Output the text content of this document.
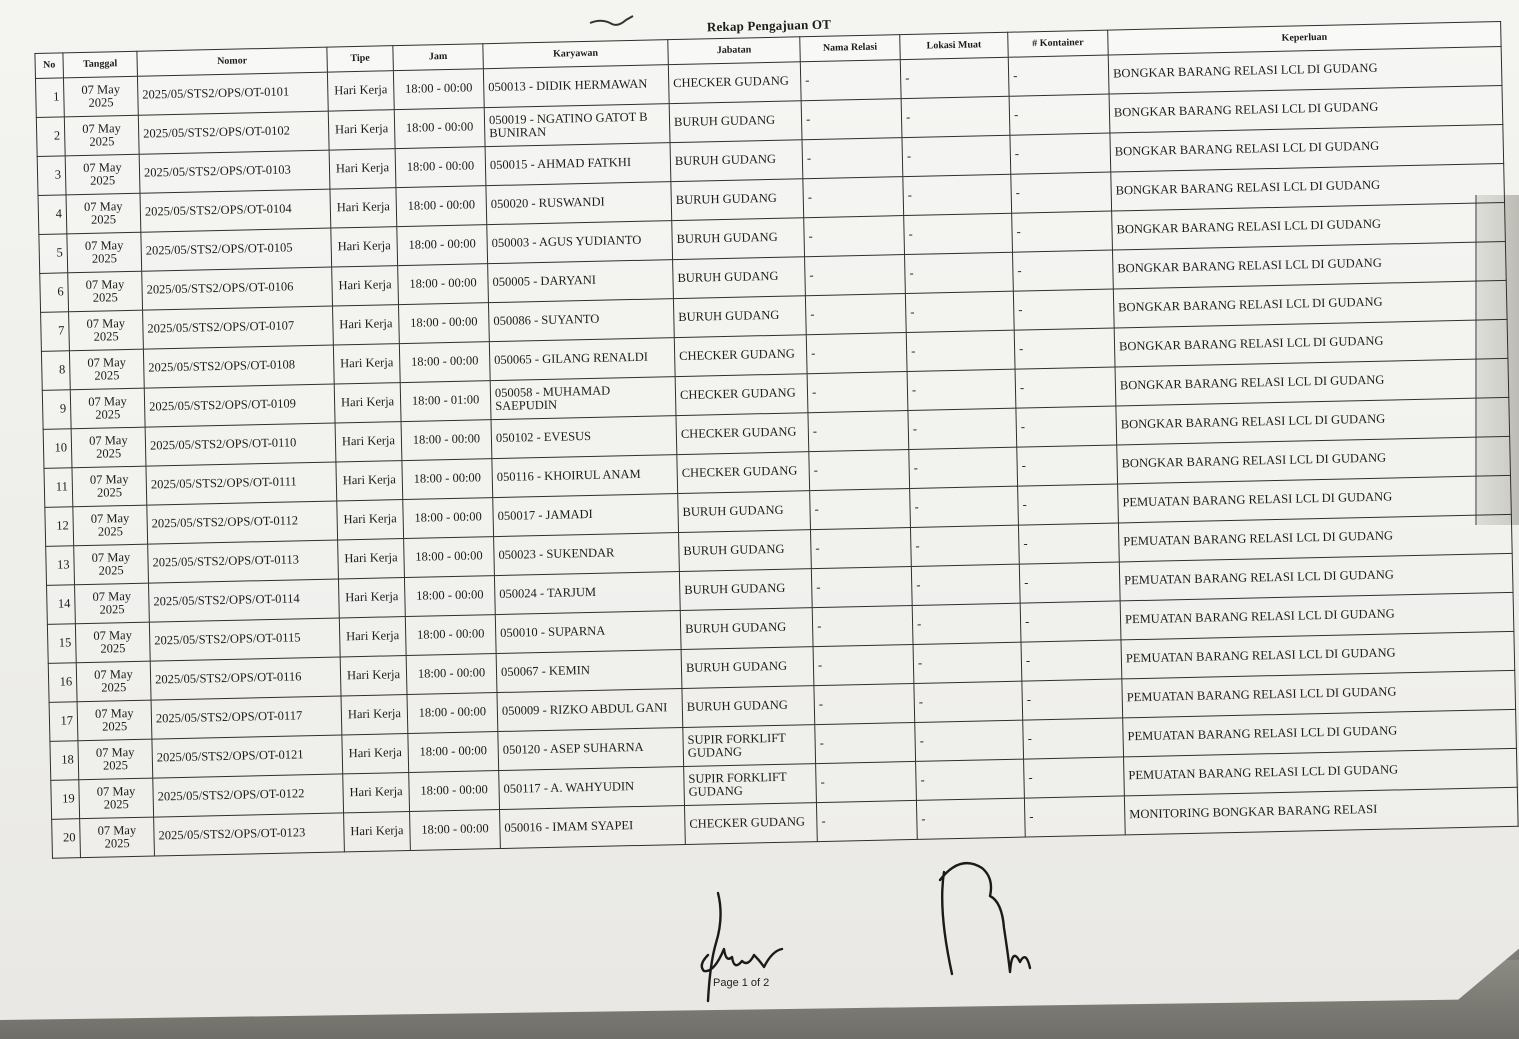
Rekap Pengajuan OT
No	Tanggal	Nomor	Tipe	Jam	Karyawan	Jabatan	Nama Relasi	Lokasi Muat	# Kontainer	Keperluan
1	07 May 2025	2025/05/STS2/OPS/OT-0101	Hari Kerja	18:00 - 00:00	050013 - DIDIK HERMAWAN	CHECKER GUDANG	-	-	-	BONGKAR BARANG RELASI LCL DI GUDANG
2	07 May 2025	2025/05/STS2/OPS/OT-0102	Hari Kerja	18:00 - 00:00	050019 - NGATINO GATOT B BUNIRAN	BURUH GUDANG	-	-	-	BONGKAR BARANG RELASI LCL DI GUDANG
3	07 May 2025	2025/05/STS2/OPS/OT-0103	Hari Kerja	18:00 - 00:00	050015 - AHMAD FATKHI	BURUH GUDANG	-	-	-	BONGKAR BARANG RELASI LCL DI GUDANG
4	07 May 2025	2025/05/STS2/OPS/OT-0104	Hari Kerja	18:00 - 00:00	050020 - RUSWANDI	BURUH GUDANG	-	-	-	BONGKAR BARANG RELASI LCL DI GUDANG
5	07 May 2025	2025/05/STS2/OPS/OT-0105	Hari Kerja	18:00 - 00:00	050003 - AGUS YUDIANTO	BURUH GUDANG	-	-	-	BONGKAR BARANG RELASI LCL DI GUDANG
6	07 May 2025	2025/05/STS2/OPS/OT-0106	Hari Kerja	18:00 - 00:00	050005 - DARYANI	BURUH GUDANG	-	-	-	BONGKAR BARANG RELASI LCL DI GUDANG
7	07 May 2025	2025/05/STS2/OPS/OT-0107	Hari Kerja	18:00 - 00:00	050086 - SUYANTO	BURUH GUDANG	-	-	-	BONGKAR BARANG RELASI LCL DI GUDANG
8	07 May 2025	2025/05/STS2/OPS/OT-0108	Hari Kerja	18:00 - 00:00	050065 - GILANG RENALDI	CHECKER GUDANG	-	-	-	BONGKAR BARANG RELASI LCL DI GUDANG
9	07 May 2025	2025/05/STS2/OPS/OT-0109	Hari Kerja	18:00 - 01:00	050058 - MUHAMAD SAEPUDIN	CHECKER GUDANG	-	-	-	BONGKAR BARANG RELASI LCL DI GUDANG
10	07 May 2025	2025/05/STS2/OPS/OT-0110	Hari Kerja	18:00 - 00:00	050102 - EVESUS	CHECKER GUDANG	-	-	-	BONGKAR BARANG RELASI LCL DI GUDANG
11	07 May 2025	2025/05/STS2/OPS/OT-0111	Hari Kerja	18:00 - 00:00	050116 - KHOIRUL ANAM	CHECKER GUDANG	-	-	-	BONGKAR BARANG RELASI LCL DI GUDANG
12	07 May 2025	2025/05/STS2/OPS/OT-0112	Hari Kerja	18:00 - 00:00	050017 - JAMADI	BURUH GUDANG	-	-	-	PEMUATAN BARANG RELASI LCL DI GUDANG
13	07 May 2025	2025/05/STS2/OPS/OT-0113	Hari Kerja	18:00 - 00:00	050023 - SUKENDAR	BURUH GUDANG	-	-	-	PEMUATAN BARANG RELASI LCL DI GUDANG
14	07 May 2025	2025/05/STS2/OPS/OT-0114	Hari Kerja	18:00 - 00:00	050024 - TARJUM	BURUH GUDANG	-	-	-	PEMUATAN BARANG RELASI LCL DI GUDANG
15	07 May 2025	2025/05/STS2/OPS/OT-0115	Hari Kerja	18:00 - 00:00	050010 - SUPARNA	BURUH GUDANG	-	-	-	PEMUATAN BARANG RELASI LCL DI GUDANG
16	07 May 2025	2025/05/STS2/OPS/OT-0116	Hari Kerja	18:00 - 00:00	050067 - KEMIN	BURUH GUDANG	-	-	-	PEMUATAN BARANG RELASI LCL DI GUDANG
17	07 May 2025	2025/05/STS2/OPS/OT-0117	Hari Kerja	18:00 - 00:00	050009 - RIZKO ABDUL GANI	BURUH GUDANG	-	-	-	PEMUATAN BARANG RELASI LCL DI GUDANG
18	07 May 2025	2025/05/STS2/OPS/OT-0121	Hari Kerja	18:00 - 00:00	050120 - ASEP SUHARNA	SUPIR FORKLIFT GUDANG	-	-	-	PEMUATAN BARANG RELASI LCL DI GUDANG
19	07 May 2025	2025/05/STS2/OPS/OT-0122	Hari Kerja	18:00 - 00:00	050117 - A. WAHYUDIN	SUPIR FORKLIFT GUDANG	-	-	-	PEMUATAN BARANG RELASI LCL DI GUDANG
20	07 May 2025	2025/05/STS2/OPS/OT-0123	Hari Kerja	18:00 - 00:00	050016 - IMAM SYAPEI	CHECKER GUDANG	-	-	-	MONITORING BONGKAR BARANG RELASI
Page 1 of 2
